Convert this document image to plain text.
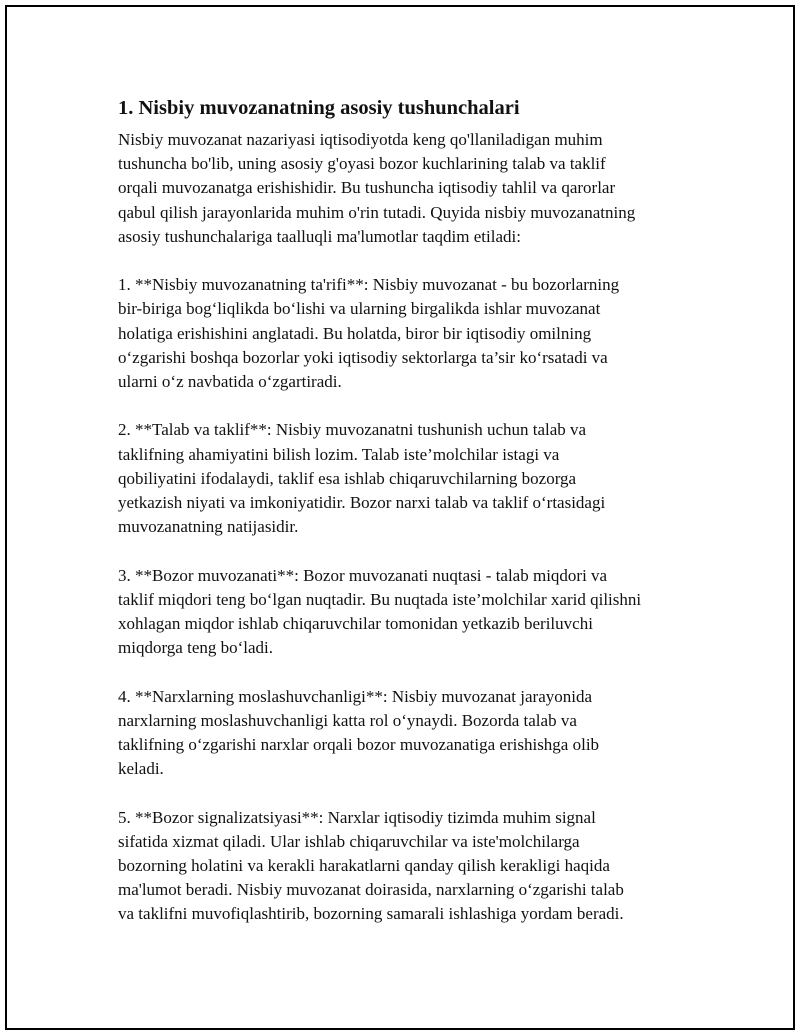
1. Nisbiy muvozanatning asosiy tushunchalari

Nisbiy muvozanat nazariyasi iqtisodiyotda keng qo'llaniladigan muhim
tushuncha bo'lib, uning asosiy g'oyasi bozor kuchlarining talab va taklif
orqali muvozanatga erishishidir. Bu tushuncha iqtisodiy tahlil va qarorlar
qabul qilish jarayonlarida muhim o'rin tutadi. Quyida nisbiy muvozanatning
asosiy tushunchalariga taalluqli ma'lumotlar taqdim etiladi:

1. **Nisbiy muvozanatning ta'rifi**: Nisbiy muvozanat - bu bozorlarning
bir-biriga bog‘liqlikda bo‘lishi va ularning birgalikda ishlar muvozanat
holatiga erishishini anglatadi. Bu holatda, biror bir iqtisodiy omilning
o‘zgarishi boshqa bozorlar yoki iqtisodiy sektorlarga ta’sir ko‘rsatadi va
ularni o‘z navbatida o‘zgartiradi.

2. **Talab va taklif**: Nisbiy muvozanatni tushunish uchun talab va
taklifning ahamiyatini bilish lozim. Talab iste’molchilar istagi va
qobiliyatini ifodalaydi, taklif esa ishlab chiqaruvchilarning bozorga
yetkazish niyati va imkoniyatidir. Bozor narxi talab va taklif o‘rtasidagi
muvozanatning natijasidir.

3. **Bozor muvozanati**: Bozor muvozanati nuqtasi - talab miqdori va
taklif miqdori teng bo‘lgan nuqtadir. Bu nuqtada iste’molchilar xarid qilishni
xohlagan miqdor ishlab chiqaruvchilar tomonidan yetkazib beriluvchi
miqdorga teng bo‘ladi.

4. **Narxlarning moslashuvchanligi**: Nisbiy muvozanat jarayonida
narxlarning moslashuvchanligi katta rol o‘ynaydi. Bozorda talab va
taklifning o‘zgarishi narxlar orqali bozor muvozanatiga erishishga olib
keladi.

5. **Bozor signalizatsiyasi**: Narxlar iqtisodiy tizimda muhim signal
sifatida xizmat qiladi. Ular ishlab chiqaruvchilar va iste'molchilarga
bozorning holatini va kerakli harakatlarni qanday qilish kerakligi haqida
ma'lumot beradi. Nisbiy muvozanat doirasida, narxlarning o‘zgarishi talab
va taklifni muvofiqlashtirib, bozorning samarali ishlashiga yordam beradi.
